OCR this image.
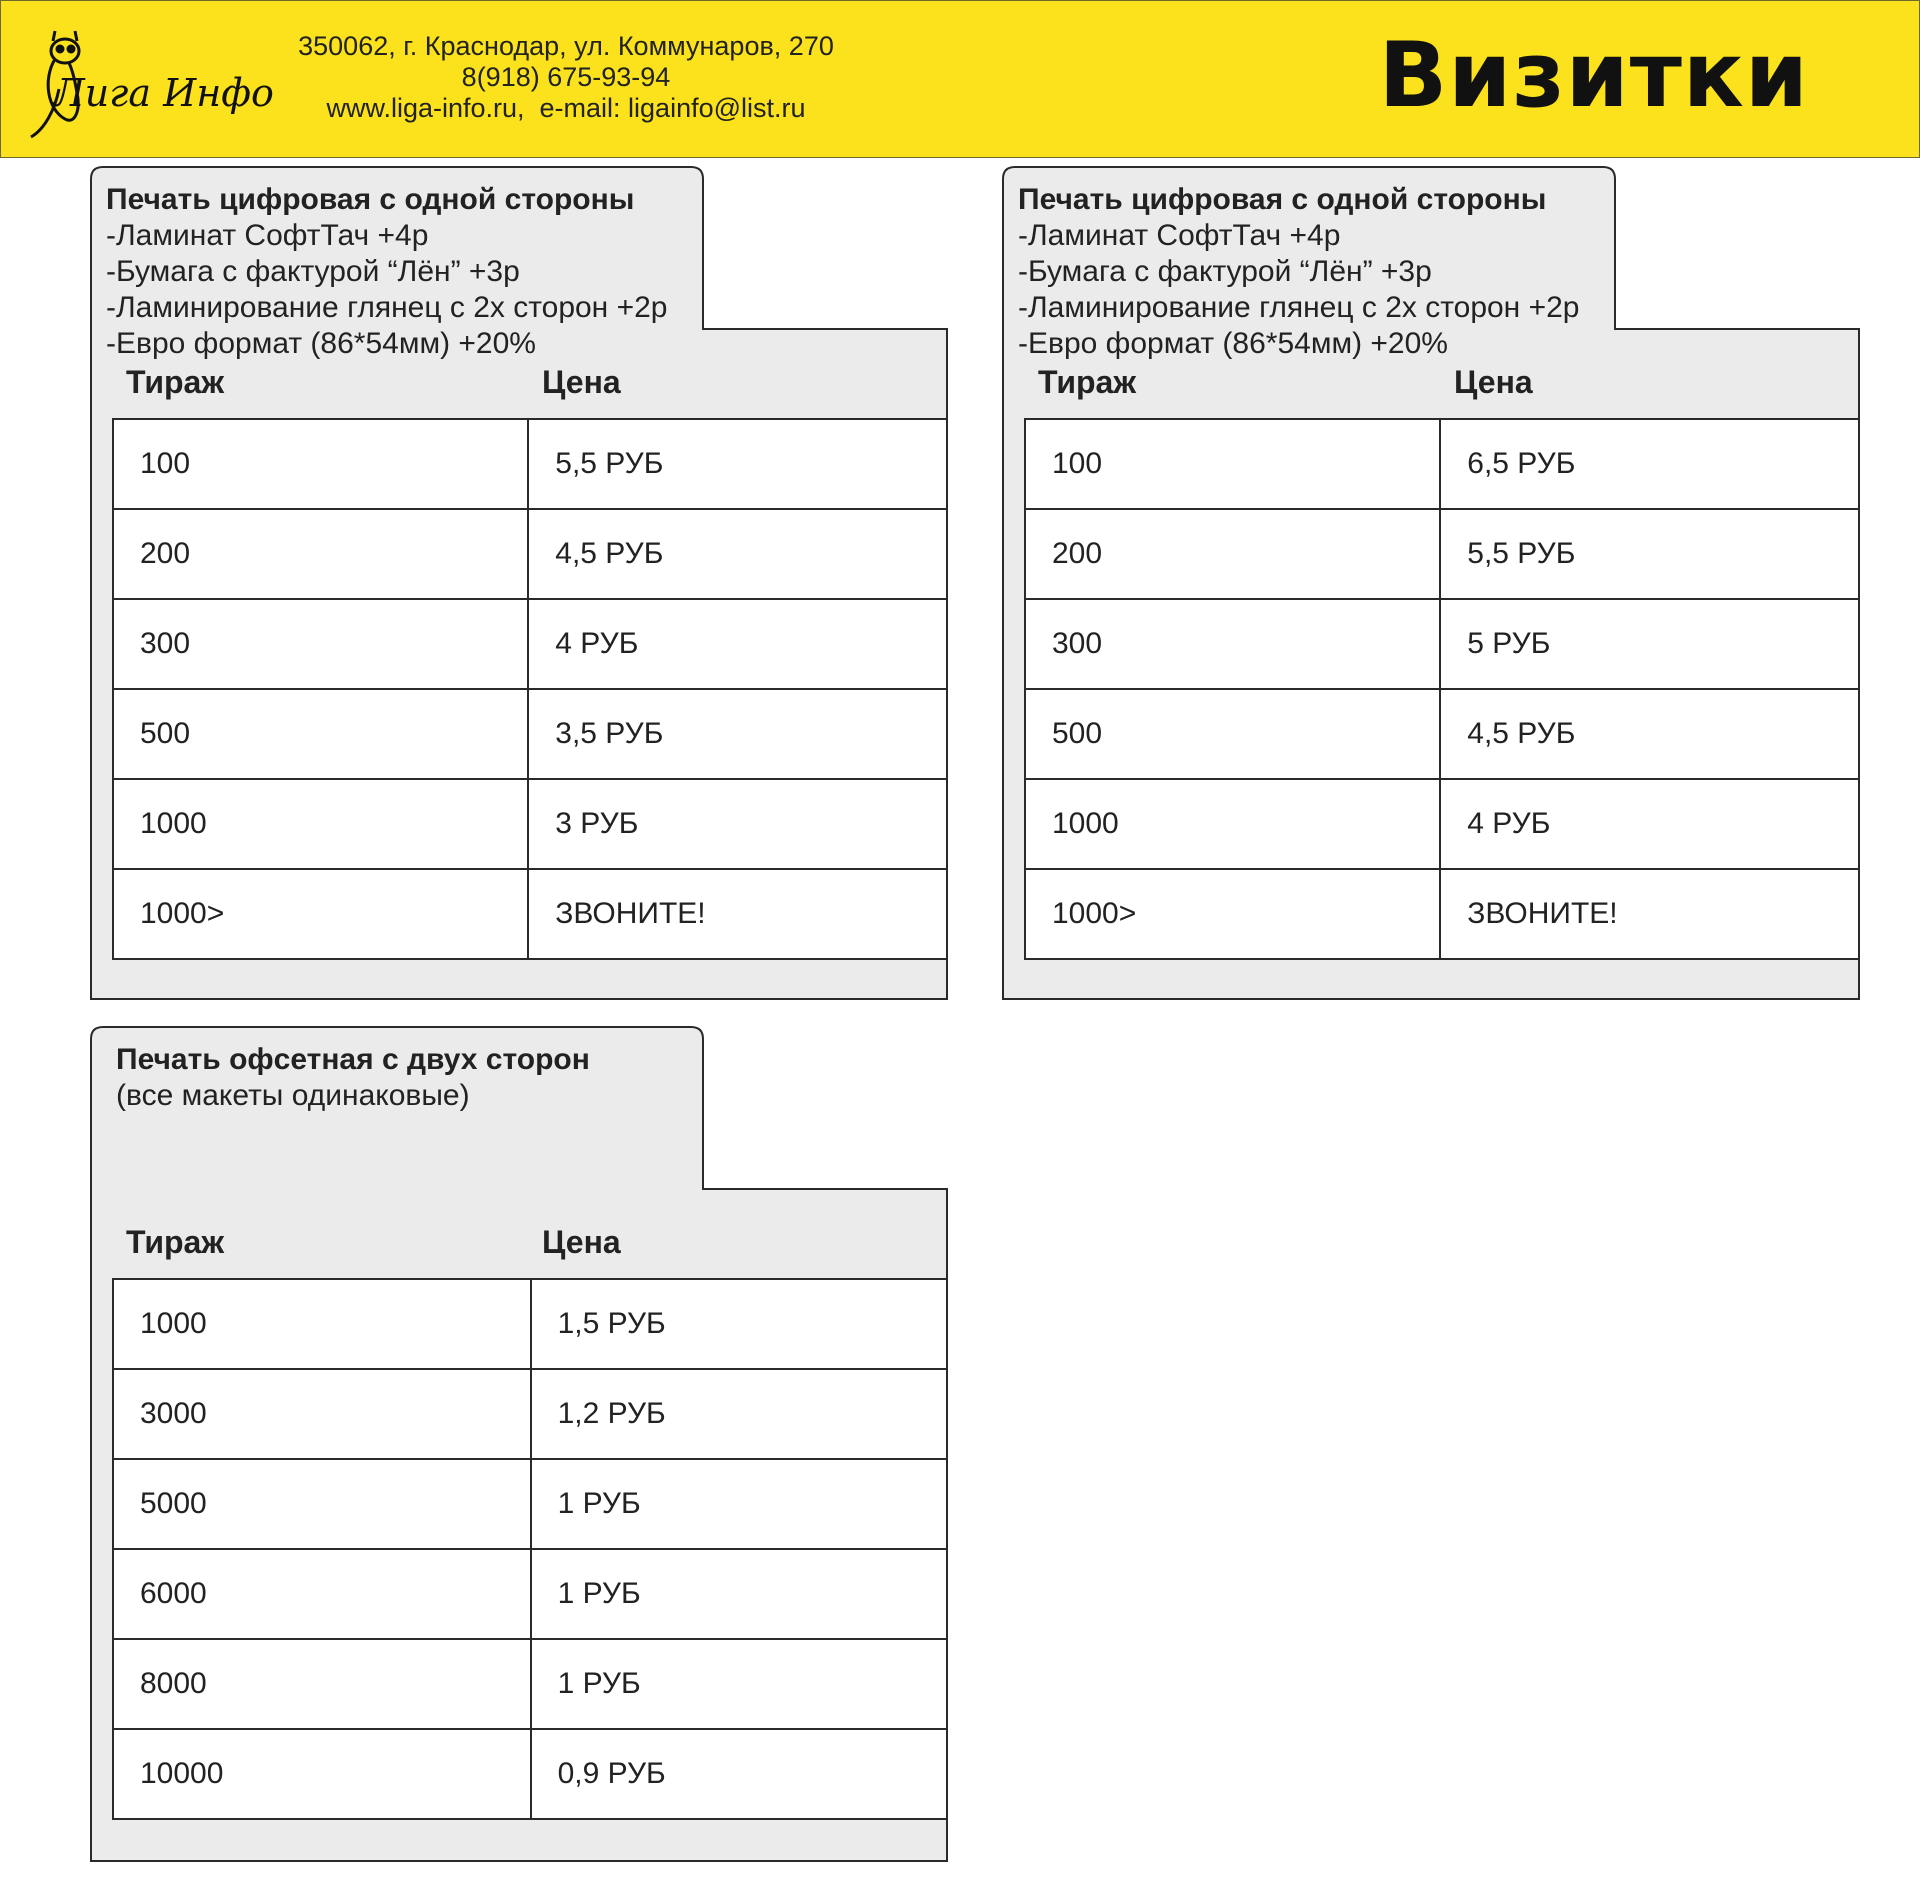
Лига Инфо
350062, г. Краснодар, ул. Коммунаров, 270
8(918) 675-93-94
www.liga-info.ru,  e-mail: ligainfo@list.ru	Визитки
Печать цифровая с одной стороны
-Ламинат СофтТач +4р
-Бумага с фактурой “Лён” +3р
-Ламинирование глянец с 2х сторон +2р
-Евро формат (86*54мм) +20%
Тираж	Цена
100	5,5 РУБ
200	4,5 РУБ
300	4 РУБ
500	3,5 РУБ
1000	3 РУБ
1000>	ЗВОНИТЕ!
Печать цифровая с одной стороны
-Ламинат СофтТач +4р
-Бумага с фактурой “Лён” +3р
-Ламинирование глянец с 2х сторон +2р
-Евро формат (86*54мм) +20%
Тираж	Цена
100	6,5 РУБ
200	5,5 РУБ
300	5 РУБ
500	4,5 РУБ
1000	4 РУБ
1000>	ЗВОНИТЕ!
Печать офсетная с двух сторон
(все макеты одинаковые)
Тираж	Цена
1000	1,5 РУБ
3000	1,2 РУБ
5000	1 РУБ
6000	1 РУБ
8000	1 РУБ
10000	0,9 РУБ
